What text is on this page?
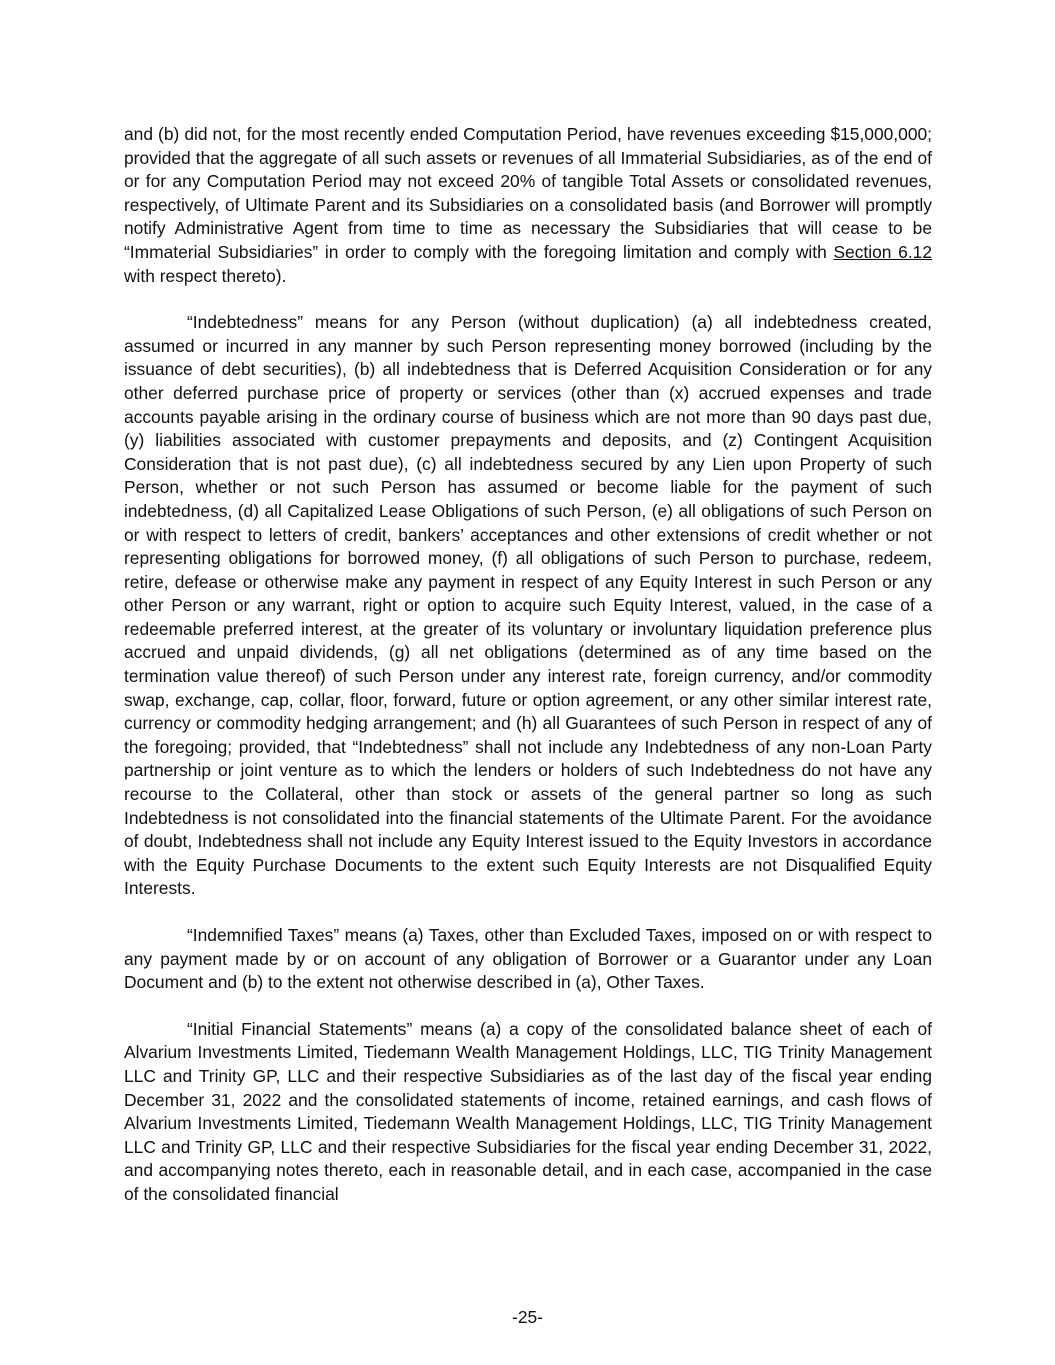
and (b) did not, for the most recently ended Computation Period, have revenues exceeding $15,000,000; provided that the aggregate of all such assets or revenues of all Immaterial Subsidiaries, as of the end of or for any Computation Period may not exceed 20% of tangible Total Assets or consolidated revenues, respectively, of Ultimate Parent and its Subsidiaries on a consolidated basis (and Borrower will promptly notify Administrative Agent from time to time as necessary the Subsidiaries that will cease to be “Immaterial Subsidiaries” in order to comply with the foregoing limitation and comply with Section 6.12 with respect thereto).

“Indebtedness” means for any Person (without duplication) (a) all indebtedness created, assumed or incurred in any manner by such Person representing money borrowed (including by the issuance of debt securities), (b) all indebtedness that is Deferred Acquisition Consideration or for any other deferred purchase price of property or services (other than (x) accrued expenses and trade accounts payable arising in the ordinary course of business which are not more than 90 days past due, (y) liabilities associated with customer prepayments and deposits, and (z) Contingent Acquisition Consideration that is not past due), (c) all indebtedness secured by any Lien upon Property of such Person, whether or not such Person has assumed or become liable for the payment of such indebtedness, (d) all Capitalized Lease Obligations of such Person, (e) all obligations of such Person on or with respect to letters of credit, bankers’ acceptances and other extensions of credit whether or not representing obligations for borrowed money, (f) all obligations of such Person to purchase, redeem, retire, defease or otherwise make any payment in respect of any Equity Interest in such Person or any other Person or any warrant, right or option to acquire such Equity Interest, valued, in the case of a redeemable preferred interest, at the greater of its voluntary or involuntary liquidation preference plus accrued and unpaid dividends, (g) all net obligations (determined as of any time based on the termination value thereof) of such Person under any interest rate, foreign currency, and/or commodity swap, exchange, cap, collar, floor, forward, future or option agreement, or any other similar interest rate, currency or commodity hedging arrangement; and (h) all Guarantees of such Person in respect of any of the foregoing; provided, that “Indebtedness” shall not include any Indebtedness of any non-Loan Party partnership or joint venture as to which the lenders or holders of such Indebtedness do not have any recourse to the Collateral, other than stock or assets of the general partner so long as such Indebtedness is not consolidated into the financial statements of the Ultimate Parent. For the avoidance of doubt, Indebtedness shall not include any Equity Interest issued to the Equity Investors in accordance with the Equity Purchase Documents to the extent such Equity Interests are not Disqualified Equity Interests.

“Indemnified Taxes” means (a) Taxes, other than Excluded Taxes, imposed on or with respect to any payment made by or on account of any obligation of Borrower or a Guarantor under any Loan Document and (b) to the extent not otherwise described in (a), Other Taxes.

“Initial Financial Statements” means (a) a copy of the consolidated balance sheet of each of Alvarium Investments Limited, Tiedemann Wealth Management Holdings, LLC, TIG Trinity Management LLC and Trinity GP, LLC and their respective Subsidiaries as of the last day of the fiscal year ending December 31, 2022 and the consolidated statements of income, retained earnings, and cash flows of Alvarium Investments Limited, Tiedemann Wealth Management Holdings, LLC, TIG Trinity Management LLC and Trinity GP, LLC and their respective Subsidiaries for the fiscal year ending December 31, 2022, and accompanying notes thereto, each in reasonable detail, and in each case, accompanied in the case of the consolidated financial

-25-
